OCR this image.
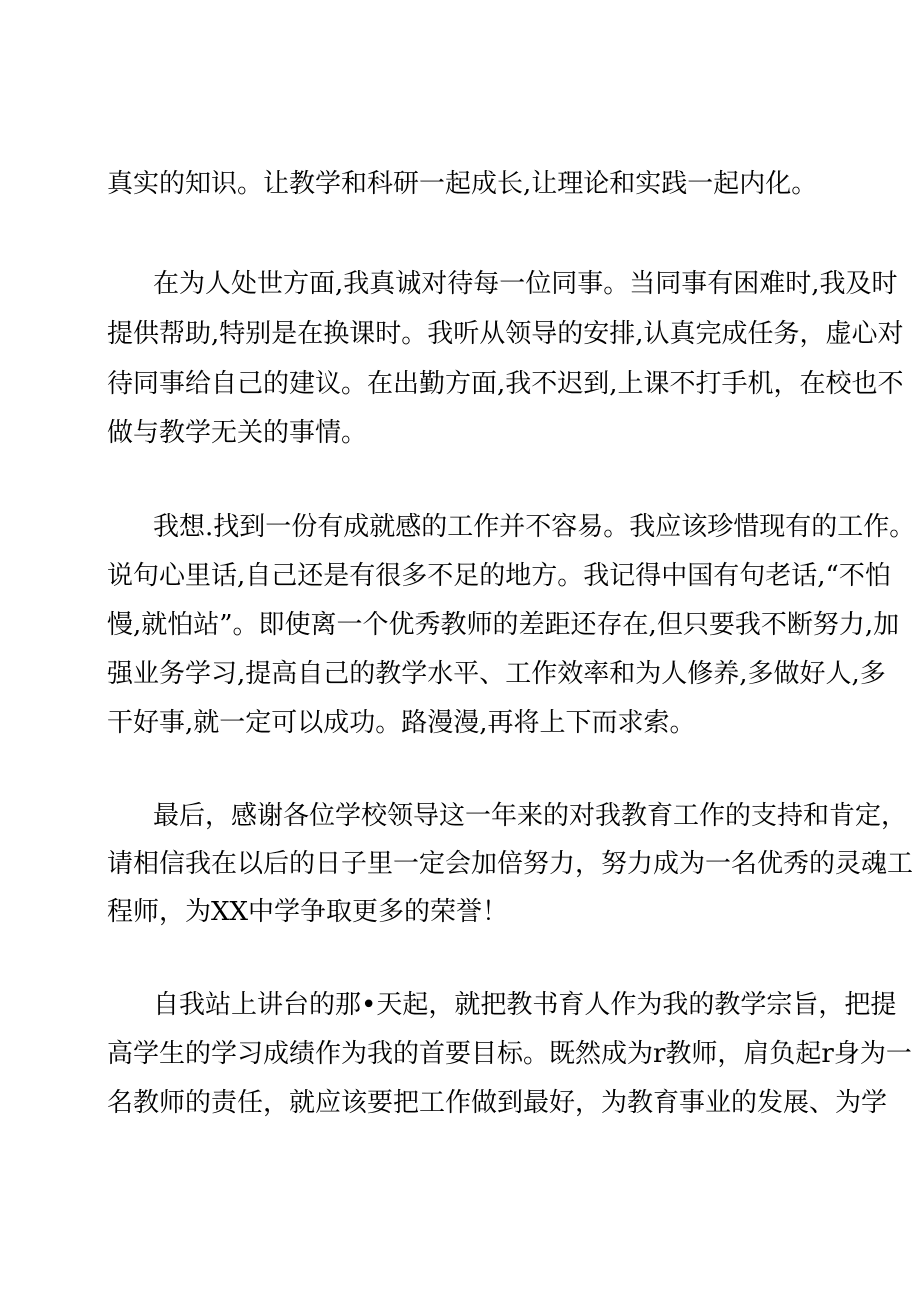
真实的知识。让教学和科研一起成长,让理论和实践一起内化。

在为人处世方面,我真诚对待每一位同事。当同事有困难时,我及时

提供帮助,特别是在换课时。我听从领导的安排,认真完成任务，虚心对

待同事给自己的建议。在出勤方面,我不迟到,上课不打手机，在校也不

做与教学无关的事情。

我想.找到一份有成就感的工作并不容易。我应该珍惜现有的工作。

说句心里话,自己还是有很多不足的地方。我记得中国有句老话,“不怕

慢,就怕站”。即使离一个优秀教师的差距还存在,但只要我不断努力,加

强业务学习,提高自己的教学水平、工作效率和为人修养,多做好人,多

干好事,就一定可以成功。路漫漫,再将上下而求索。

最后，感谢各位学校领导这一年来的对我教育工作的支持和肯定，

请相信我在以后的日子里一定会加倍努力，努力成为一名优秀的灵魂工

程师，为XX中学争取更多的荣誉！

自我站上讲台的那•天起，就把教书育人作为我的教学宗旨，把提

高学生的学习成绩作为我的首要目标。既然成为r教师，肩负起r身为一

名教师的责任，就应该要把工作做到最好，为教育事业的发展、为学
